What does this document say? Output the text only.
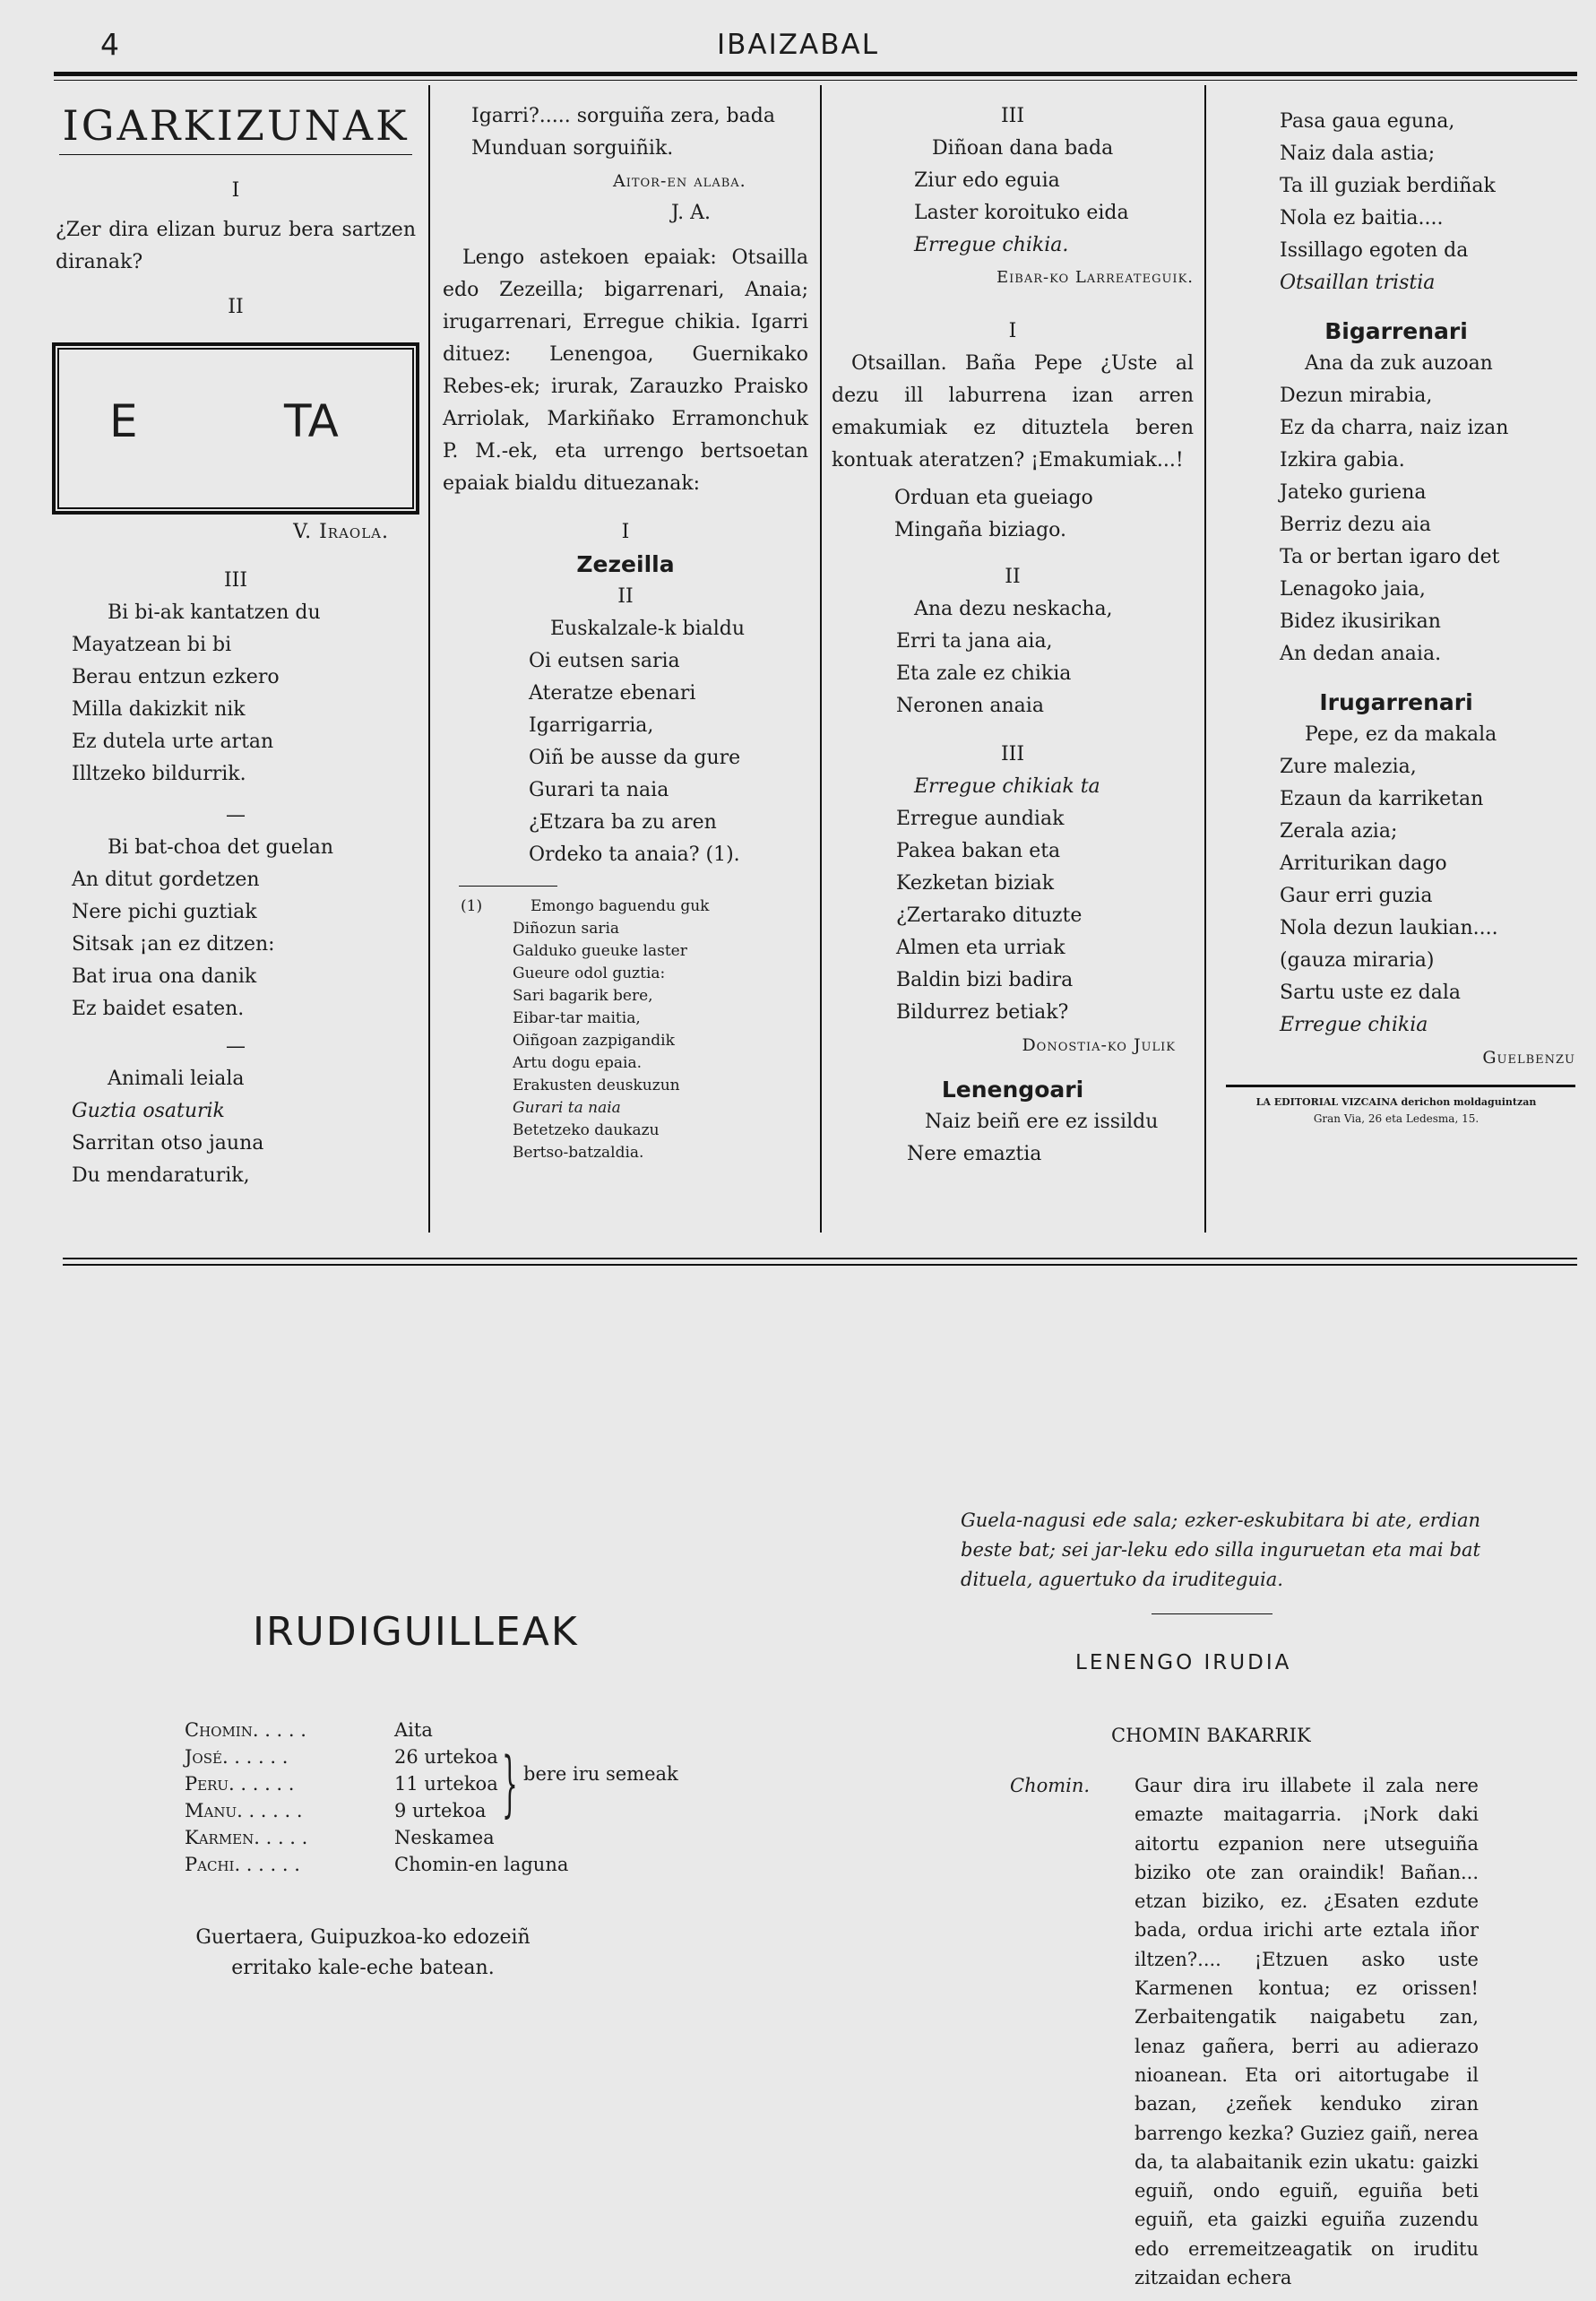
4	IBAIZABAL
IGARKIZUNAK

I

¿Zer dira elizan buruz bera sartzen diranak?

II

E	TA

V. Iraola.

III

Bi bi-ak kantatzen du

Mayatzean bi bi

Berau entzun ezkero

Milla dakizkit nik

Ez dutela urte artan

Illtzeko bildurrik.

—

Bi bat-choa det guelan

An ditut gordetzen

Nere pichi guztiak

Sitsak ¡an ez ditzen:

Bat irua ona danik

Ez baidet esaten.

—

Animali leiala

Guztia osaturik

Sarritan otso jauna

Du mendaraturik,

Igarri?..... sorguiña zera, bada

Munduan sorguiñik.

Aitor-en alaba.

J. A.

Lengo astekoen epaiak: Otsailla edo Zezeilla; bigarrenari, Anaia; irugarrenari, Erregue chikia. Igarri dituez: Lenengoa, Guernikako Rebes-ek; irurak, Zarauzko Praisko Arriolak, Markiñako Erramonchuk P. M.-ek, eta urrengo bertsoetan epaiak bialdu dituezanak:

I

Zezeilla

II

Euskalzale-k bialdu

Oi eutsen saria

Ateratze ebenari

Igarrigarria,

Oiñ be ausse da gure

Gurari ta naia

¿Etzara ba zu aren

Ordeko ta anaia? (1).

(1)	Emongo baguendu guk

Diñozun saria

Galduko gueuke laster

Gueure odol guztia:

Sari bagarik bere,

Eibar-tar maitia,

Oiñgoan zazpigandik

Artu dogu epaia.

Erakusten deuskuzun

Gurari ta naia

Betetzeko daukazu

Bertso-batzaldia.

III

Diñoan dana bada

Ziur edo eguia

Laster koroituko eida

Erregue chikia.

Eibar-ko Larreateguik.

I

Otsaillan. Baña Pepe ¿Uste al dezu ill laburrena izan arren emakumiak ez dituztela beren kontuak ateratzen? ¡Emakumiak...!

Orduan eta gueiago

Mingaña biziago.

II

Ana dezu neskacha,

Erri ta jana aia,

Eta zale ez chikia

Neronen anaia

III

Erregue chikiak ta

Erregue aundiak

Pakea bakan eta

Kezketan biziak

¿Zertarako dituzte

Almen eta urriak

Baldin bizi badira

Bildurrez betiak?

Donostia-ko Julik

Lenengoari

Naiz beiñ ere ez issildu

Nere emaztia

Pasa gaua eguna,

Naiz dala astia;

Ta ill guziak berdiñak

Nola ez baitia....

Issillago egoten da

Otsaillan tristia

Bigarrenari

Ana da zuk auzoan

Dezun mirabia,

Ez da charra, naiz izan

Izkira gabia.

Jateko guriena

Berriz dezu aia

Ta or bertan igaro det

Lenagoko jaia,

Bidez ikusirikan

An dedan anaia.

Irugarrenari

Pepe, ez da makala

Zure malezia,

Ezaun da karriketan

Zerala azia;

Arriturikan dago

Gaur erri guzia

Nola dezun laukian....

(gauza miraria)

Sartu uste ez dala

Erregue chikia

Guelbenzu

LA EDITORIAL VIZCAINA derichon moldaguintzan

Gran Via, 26 eta Ledesma, 15.

IRUDIGUILLEAK
Chomin. . . . .	Aita
José. . . . . .	26 urtekoa
Peru. . . . . .	11 urtekoa
Manu. . . . . .	9 urtekoa
Karmen. . . . .	Neskamea
Pachi. . . . . .	Chomin-en laguna
} bere iru semeak
Guertaera, Guipuzkoa-ko edozeiñ erritako kale-eche batean.
Guela-nagusi ede sala; ezker-eskubitara bi ate, erdian beste bat; sei jar-leku edo silla inguruetan eta mai bat dituela, aguertuko da iruditeguia.
LENENGO IRUDIA
CHOMIN BAKARRIK
Chomin. Gaur dira iru illabete il zala nere emazte maitagarria. ¡Nork daki aitortu ezpanion nere utseguiña biziko ote zan oraindik! Bañan... etzan biziko, ez. ¿Esaten ezdute bada, ordua irichi arte eztala iñor iltzen?.... ¡Etzuen asko uste Karmenen kontua; ez orissen! Zerbaitengatik naigabetu zan, lenaz gañera, berri au adierazo nioanean. Eta ori aitortugabe il bazan, ¿zeñek kenduko ziran barrengo kezka? Guziez gaiñ, nerea da, ta alabaitanik ezin ukatu: gaizki eguiñ, ondo eguiñ, eguiña beti eguiñ, eta gaizki eguiña zuzendu edo erremeitzeagatik on iruditu zitzaidan echera
